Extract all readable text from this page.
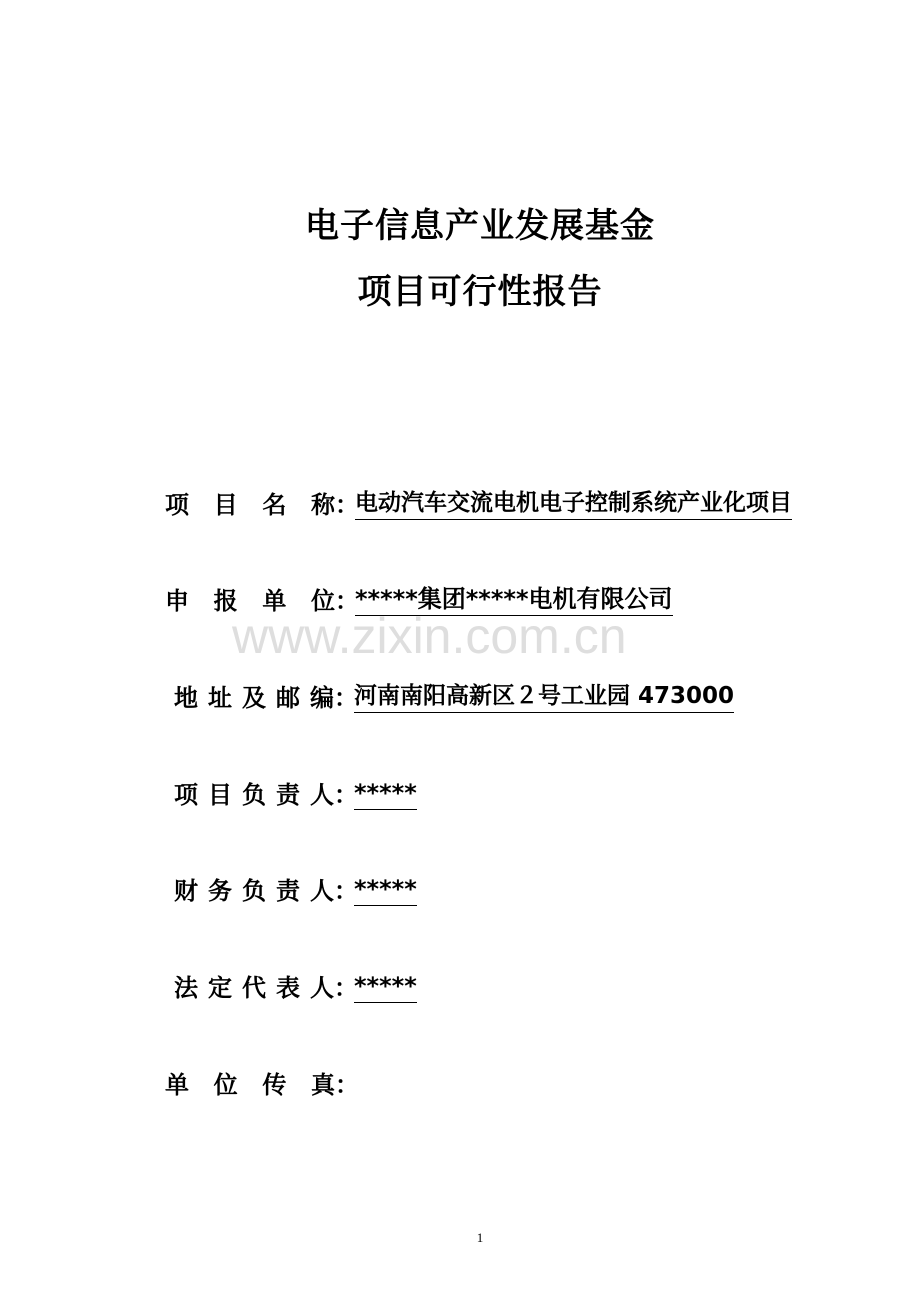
电子信息产业发展基金
项目可行性报告
项 目 名 称 ：
电动汽车交流电机电子控制系统产业化项目
申 报 单 位 ：
*****集团*****电机有限公司
地址及邮编 ：
河南南阳高新区２号工业园 473000
项目负责人 ：
*****
财务负责人 ：
*****
法定代表人 ：
*****
单 位 传 真 ：
www.zixin.com.cn
1
